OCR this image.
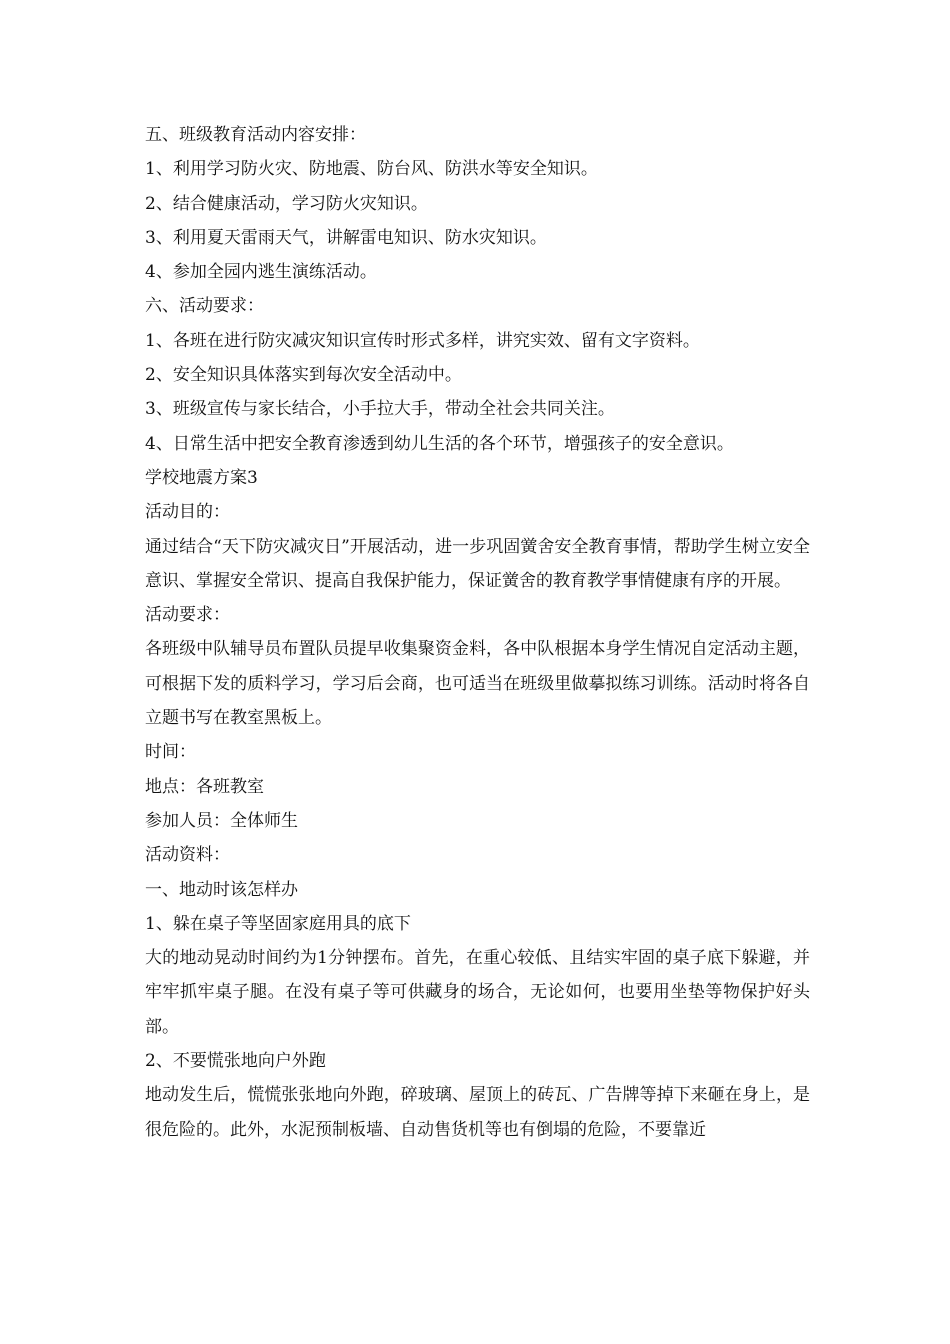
五、班级教育活动内容安排：

1、利用学习防火灾、防地震、防台风、防洪水等安全知识。

2、结合健康活动，学习防火灾知识。

3、利用夏天雷雨天气，讲解雷电知识、防水灾知识。

4、参加全园内逃生演练活动。

六、活动要求：

1、各班在进行防灾减灾知识宣传时形式多样，讲究实效、留有文字资料。

2、安全知识具体落实到每次安全活动中。

3、班级宣传与家长结合，小手拉大手，带动全社会共同关注。

4、日常生活中把安全教育渗透到幼儿生活的各个环节，增强孩子的安全意识。

学校地震方案3

活动目的：

通过结合“天下防灾减灾日”开展活动，进一步巩固黉舍安全教育事情，帮助学生树立安全意识、掌握安全常识、提高自我保护能力，保证黉舍的教育教学事情健康有序的开展。

活动要求：

各班级中队辅导员布置队员提早收集聚资金料，各中队根据本身学生情况自定活动主题，可根据下发的质料学习，学习后会商，也可适当在班级里做摹拟练习训练。活动时将各自立题书写在教室黑板上。

时间：

地点：各班教室

参加人员：全体师生

活动资料：

一、地动时该怎样办

1、躲在桌子等坚固家庭用具的底下

大的地动晃动时间约为1分钟摆布。首先，在重心较低、且结实牢固的桌子底下躲避，并牢牢抓牢桌子腿。在没有桌子等可供藏身的场合，无论如何，也要用坐垫等物保护好头部。

2、不要慌张地向户外跑

地动发生后，慌慌张张地向外跑，碎玻璃、屋顶上的砖瓦、广告牌等掉下来砸在身上，是很危险的。此外，水泥预制板墙、自动售货机等也有倒塌的危险，不要靠近
